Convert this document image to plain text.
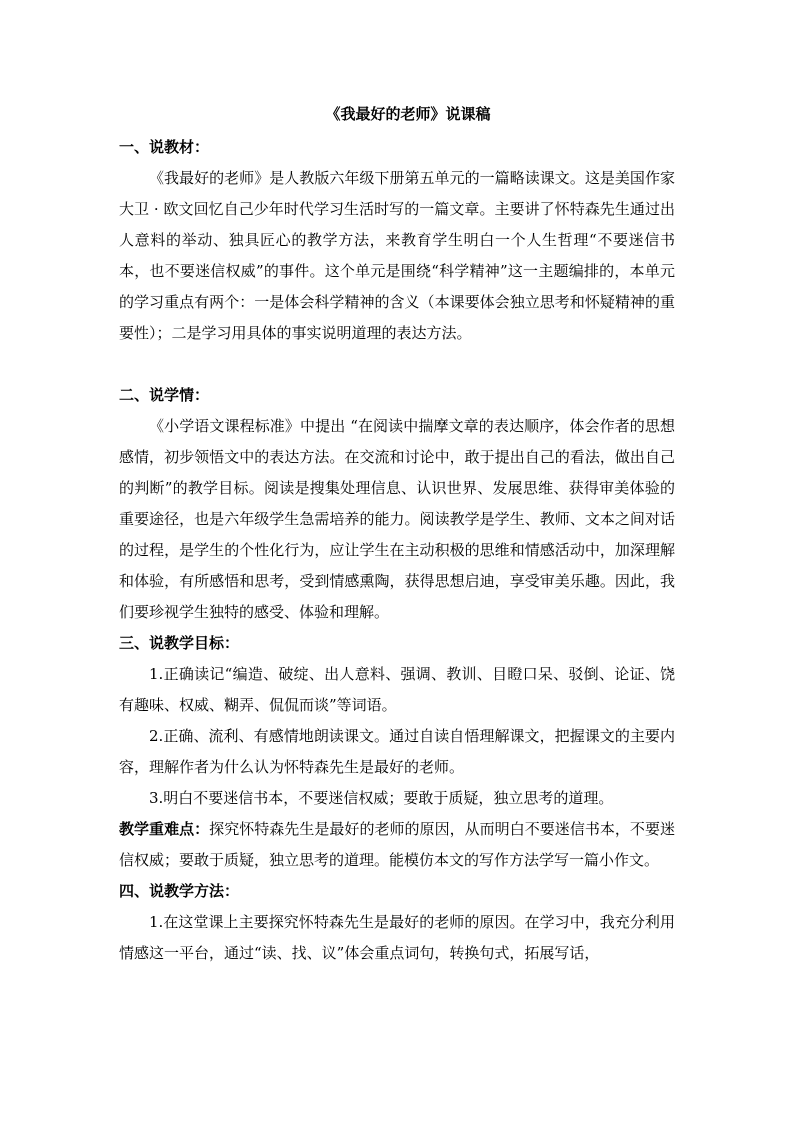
《我最好的老师》说课稿

一、说教材：

《我最好的老师》是人教版六年级下册第五单元的一篇略读课文。这是美国作家大卫 · 欧文回忆自己少年时代学习生活时写的一篇文章。主要讲了怀特森先生通过出人意料的举动、独具匠心的教学方法，来教育学生明白一个人生哲理“不要迷信书本，也不要迷信权威”的事件。这个单元是围绕“科学精神”这一主题编排的，本单元的学习重点有两个：一是体会科学精神的含义（本课要体会独立思考和怀疑精神的重要性）；二是学习用具体的事实说明道理的表达方法。

二、说学情：

《小学语文课程标准》中提出 “在阅读中揣摩文章的表达顺序，体会作者的思想感情，初步领悟文中的表达方法。在交流和讨论中，敢于提出自己的看法，做出自己的判断”的教学目标。阅读是搜集处理信息、认识世界、发展思维、获得审美体验的重要途径，也是六年级学生急需培养的能力。阅读教学是学生、教师、文本之间对话的过程，是学生的个性化行为，应让学生在主动积极的思维和情感活动中，加深理解和体验，有所感悟和思考，受到情感熏陶，获得思想启迪，享受审美乐趣。因此，我们要珍视学生独特的感受、体验和理解。

三、说教学目标：

1.正确读记“编造、破绽、出人意料、强调、教训、目瞪口呆、驳倒、论证、饶有趣味、权威、糊弄、侃侃而谈”等词语。

2.正确、流利、有感情地朗读课文。通过自读自悟理解课文，把握课文的主要内容，理解作者为什么认为怀特森先生是最好的老师。

3.明白不要迷信书本，不要迷信权威；要敢于质疑，独立思考的道理。

教学重难点：探究怀特森先生是最好的老师的原因，从而明白不要迷信书本，不要迷信权威；要敢于质疑，独立思考的道理。能模仿本文的写作方法学写一篇小作文。

四、说教学方法：

1.在这堂课上主要探究怀特森先生是最好的老师的原因。在学习中，我充分利用情感这一平台，通过“读、找、议”体会重点词句，转换句式，拓展写话，
